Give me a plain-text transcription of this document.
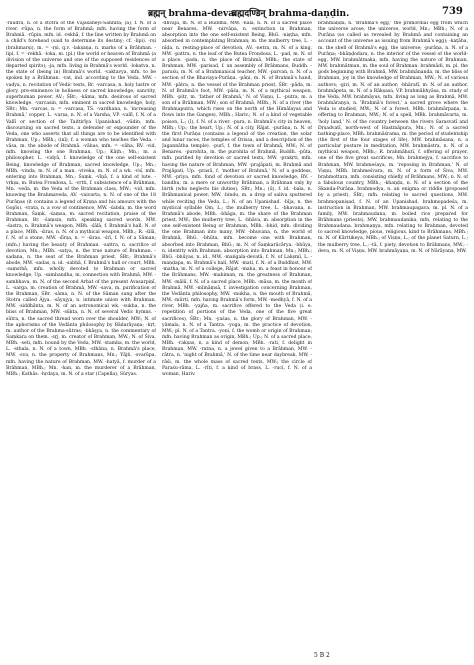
ब्रह्मन् brahma-deva.
ब्रह्मदण्डिन् brahma-daṇḍin.	739

-raudra, n. of a stotra of the Vājasaneyi-Sanhitā; (ā), f. N. of a river. -rūpa, n. the form of Brahmā; mfn. having the form of Brahmā. -rūpin, mfn. id. -rekhā, f. the line written by Brahmā on a child's forehead (said to determine its destiny; cf. -lipi). -rṣi (brahmarṣi), m. = -ṛṣi, q.v. -lakṣaṇa, n. marks of a Brāhman. -lipi, f. = -rekhā. -loka, m. (pl.) the world or heaven of Brahmā (a division of the universe and one of the supposed residences of departed spirits); -ja, mfn. living in Brahmā's world. -lokatva, n. the state of (being in) Brahmā's world. -vaktavya, mfn. to be spoken by a Brāhman. -vat, ind. according to the Veda, MW. -vadya, n. recitation of Vedic texts, Br. -varcasa, n. holy lustre or glory, pre-eminence in holiness or sacred knowledge, sanctity, superhuman power, AV.; ŚBr.; -kāma, mfn. desirous of sacred knowledge. -varcasin, mfn. eminent in sacred knowledge, holy, ŚBr.; Mn. -varcas, n. = -varcasa, TS. -vardhana, n. 'increasing Brahmā,' copper, L. -varṣa, n. N. of a Varsha, VP. -vallī, f. N. of a Vallī or section of the Taittirīya Upanishad. -vādin, mfn. discoursing on sacred texts, a defender or expounder of the Veda, one who asserts that all things are to be identified with Brahman, Up.; MBh.; (inī), f. a woman who teaches the Veda. -vāsa, m. the abode of Brahmā. -vāhas, mfn. = -vāha, RV. -vid, mfn. knowing the one Brahman, Up.; Kāṭh.; Mn.; m. a philosopher, L. -vidyā, f. knowledge of the one self-existent Being, knowledge of Brahman, sacred knowledge, Up.; Mn.; MBh. -vinda, m. N. of a man. -viveka, m. N. of a wk. -viś, mfn. entering into Brahman, Mn.; Śaṃk. -vīṇā, f. a kind of lute. -vṛkṣa, m. Butea Frondosa, L. -vṛtti, f. subsistence of a Brāhman, Mn. -veda, m. the Veda of the Brahman class, MW.; -vid, mfn. knowing the Brahmaveda, AV. -vaivarta, n. N. of one of the 18 Purāṇas (it contains a legend of Kṛṣṇa and his amours with the Gopīs). -vrata, n. a vow of continence, MW. -śabda, m. the word Brahman, Śaṃk. -śaṃsa, m. sacred recitation, praise of the Brahman, Br. -śaṃsin, mfn. speaking sacred words, MW. -śastra, n. Brahmā's weapon, MBh. -śālā, f. Brahmā's hall, N. of a place, MBh. -śiras, n. N. of a mythical weapon, MBh.; R. -śilā, f. N. of a stone, MW. -śīrṣa, n. = -śiras. -śrī, f. N. of a Sāman; (mfn.) having the beauty of Brahman. -sattra, n. sacrifice of devotion, Mn.; MBh. -satya, n. the true nature of Brahman. -sadana, n. the seat of the Brahman priest, ŚBr.; Brahmā's abode, MW. -sadas, n. id. -sabhā, f. Brahmā's hall or court, MBh. -saṃsthā, mfn. wholly devoted to Brahman or sacred knowledge, Up. -sambandha, m. connection with Brahmā, MW. -sambhava, m. N. of the second Arhat of the present Avasarpiṇī, L. -sarga, m. creation of Brahmā, MW. -sava, m. purification of the Brahman, ŚBr. -sāma, n. N. of the Sāman sung after the Stotra called Ājya. -sāyujya, n. intimate union with Brahman, MW. -siddhānta, m. N. of an astronomical wk. -sukha, n. the bliss of Brahman, MW. -sūkta, n. N. of several Vedic hymns. -sūtra, n. the sacred thread worn over the shoulder, MW.; N. of the aphorisms of the Vedānta philosophy by Bādarāyaṇa; -kṛt, m. author of the Brahma-sūtras; -bhāṣya, n. the commentary of Śaṃkara on them. -sṛj, m. creator of Brahman, MW.; N. of Śiva, MBh. -seti, mfn. bound by the Veda, MW. -stamba, m. the world, L. -sthala, n. N. of a town, MBh. -sthāna, n. Brahmā's place, MW. -sva, n. the property of Brahmans, Mn.; Yājñ. -svarūpa, mfn. having the nature of Brahman, MW. -hatyā, f. murder of a Brāhman, MBh.; Mn. -han, m. the murderer of a Brāhman, MBh.; Kathās. -hṛdaya, m. N. of a star (Capella), Sūryas.

-dhvaja, m. N. of a Buddha, MW. -nāla, n. N. of a sacred place near Benares, MW. -nirvāṇa, n. extinction in Brahman, absorption into the one self-existent Being, BhG. -niṣṭha, mfn. absorbed in contemplating Brahman; m. the mulberry tree, L. -nīḍa, n. resting-place of devotion, AV. -netra, m. N. of a king, MW. -pattra, n. the leaf of the Butea Frondosa, L. -pad, m. N. of a place. -pada, n. the place of Brahmā, MBh.; the state of Brahman, MW. -parisad, f. an assembly of Brāhmans, Buddh. -paraśu, m. N. of a Brahmanical teacher, MW. -parvan, n. N. of a section of the Bhaviṣya-Purāṇa. -pāṇi, m. N. of Brahmā's hand, MW. -pātra, n. the vessel of the Brahman priest, ŚBr. -pāda, m. N. of Brahmā's foot, MW. -pāśa, m. N. of a mythical weapon, MBh. -pitṛ, m. 'father of Brahmā,' N. of Viṣṇu, L. -putra, m. a son of a Brāhman, MW.; son of Brahmā, MBh.; N. of a river (the Brahmaputra, which rises on the north of the Himālayas and flows into the Ganges), MBh.; Hariv.; N. of a kind of vegetable poison, L.; (ī), f. N. of a river. -pura, n. Brahmā's city in heaven, MBh.; Up.; the heart, Up.; N. of a city, Rājat. -purāṇa, n. N. of the first Purāṇa (contains a legend of the creation, the solar and lunar races, the temples of Orissa, and a description of the Jagannātha temple). -purī, f. the town of Brahmā, MW.; N. of Benares. -purohita, m. the purohita of Brahmā, Buddh. -pūta, mfn. purified by devotion or sacred texts, MW. -prakṛti, mfn. having the nature of Brahman, MW. -prajāpati, m. Brahmā and Prajāpati, Up. -prasū, f. 'mother of Brahmā,' N. of a goddess, MW. -priya, mfn. fond of devotion or sacred knowledge, RV. -bandhu, m. a mere or unworthy Brāhman, a Brāhman only by birth (who neglects his duties), ŚBr.; Mn.; (ū), f. id. -bala, n. Brāhmanical power, MW. -bindu, m. a drop of saliva sputtered while reciting the Veda, L.; N. of an Upanishad. -bīja, n. the mystical syllable Om, L.; the mulberry tree, L. -bhavana, n. Brahmā's abode, MBh. -bhāga, m. the share of the Brahman priest, MW.; the mulberry tree, L. -bhāva, m. absorption in the one self-existent Being or Brahman, MBh. -bhid, mfn. dividing the one Brahman into many, MW. -bhuvana, n. the world of Brahmā, BhG. -bhūta, mfn. become one with Brahman, absorbed into Brahman, BhG.; m. N. of Śaṃkarācārya. -bhūya, n. identity with Brahman, absorption into Brahman, Mn.; MBh.; BhG. -bhūyas, n. id., MW. -maṅgala-devatā, f. N. of Lakṣmī, L. -maṇḍapa, m. Brahmā's hall, MW. -mati, f. N. of a Buddhist, MW. -matha, m. N. of a college, Rājat. -maha, m. a feast in honour of the Brāhmans, MW. -mahiman, m. the greatness of Brahman, MW. -mālā, f. N. of a sacred place, MBh. -māsa, m. the month of Brahmā, MW. -mīmāṃsā, f. investigation concerning Brahman, the Vedānta philosophy, MW. -mukha, n. the mouth of Brahmā, MW. -mūrti, mfn. having Brahmā's form, MW. -medhyā, f. N. of a river, MBh. -yajña, m. sacrifice offered to the Veda (i. e. repetition of portions of the Veda, one of the five great sacrifices), ŚBr.; Mn. -yaśas, n. the glory of Brahman, MW. -yāmala, n. N. of a Tantra. -yoga, m. the practice of devotion, MW.; pl. N. of a Tantra. -yoni, f. the womb or origin of Brahman; mfn. having Brahman as origin, MBh.; Up.; N. of a sacred place, MBh. -rakṣas, n. a kind of demon, MBh. -rati, f. delight in Brahman, MW. -ratna, n. a jewel given to a Brāhman, MW. -rātra, n. 'night of Brahmā,' N. of the time near daybreak, MW. -rāśi, m. the whole mass of sacred texts, MW.; the circle of Paraśu-rāma, L. -rīti, f. a kind of brass, L. -ruci, f. N. of a woman, Hariv.

brahmāṇḍa, n. 'Brahmā's egg,' the primordial egg from which the universe arose, the universe, world, Mn.; MBh.; N. of a Purāṇa (so called as revealed by Brahmā and containing an account of the universe as issuing from Brahmā's egg); -kaṭāha, m. the shell of Brahmā's egg, the universe; -purāṇa, n. N. of a Purāṇa; -bhāṇḍodara, n. the interior of the vessel of the world-egg, MW. brahmātmaka, mfn. having the nature of Brahman, MW. brahmātman, m. the soul of Brahman. brahmādi, m. pl. the gods beginning with Brahmā, MW. brahmānanda, m. the bliss of Brahman, joy in the knowledge of Brahman, MW.; N. of various authors; -giri, m. N. of an author; -bhāratī, m. N. of an author. brahmāpeta, m. N. of a Rākṣasa, VP. brahmābhyāsa, m. study of the Veda, MW. brahmāyus, mfn. living as long as Brahmā, MW. brahmāraṇya, n. 'Brahmā's forest,' a sacred grove where the Veda is studied, MW.; N. of a forest, MBh. brahmārpaṇa, n. offering to Brahman, MW.; N. of a spell, MBh. brahmāvarta, m. 'holy land,' N. of the country between the rivers Sarasvatī and Dṛṣadvatī, north-west of Hastināpura, Mn.; N. of a sacred bathing-place, MBh. brahmāśrama, m. the period of studentship (the first of the four stages of life), MW. brahmāsana, n. a particular posture in meditation, MW. brahmāstra, n. N. of a mythical weapon, MBh.; R. brahmāhuti, f. offering of prayer, one of the five great sacrifices, Mn. brahmejya, f. sacrifice to Brahman, MW. brahmeśaya, m. 'reposing in Brahman,' N. of Viṣṇu, MBh. brahmeśvara, m. N. of a form of Śiva, MW. brahmottara, mfn. consisting chiefly of Brāhmans, MW.; n. N. of a fabulous country, MBh.; -khaṇḍa, n. N. of a section of the Skanda-Purāṇa. brahmodya, n. an enigma or riddle (proposed by a priest), ŚBr.; mfn. relating to sacred questions, MW. brahmopaniṣad, f. N. of an Upanishad. brahmopadeśa, m. instruction in Brahman, MW. brahmaupagava, m. pl. N. of a family, MW. brahmaudana, m. boiled rice prepared for Brāhmans (priests), MW. brahmaudanika, mfn. relating to the Brahmaudana. brahmaṇya, mfn. relating to Brahman, devoted to sacred knowledge, pious, religious, kind to Brāhmans, MBh.; m. N. of Kārttikeya, MBh.; of Viṣṇu, L.; of the planet Saturn, L.; the mulberry tree, L.; -tā, f. piety, devotion to Brāhmans, MW.; -deva, m. N. of Viṣṇu, MW. brahmāyaṇa, m. N. of Nārāyaṇa, MW.

5 B 2
